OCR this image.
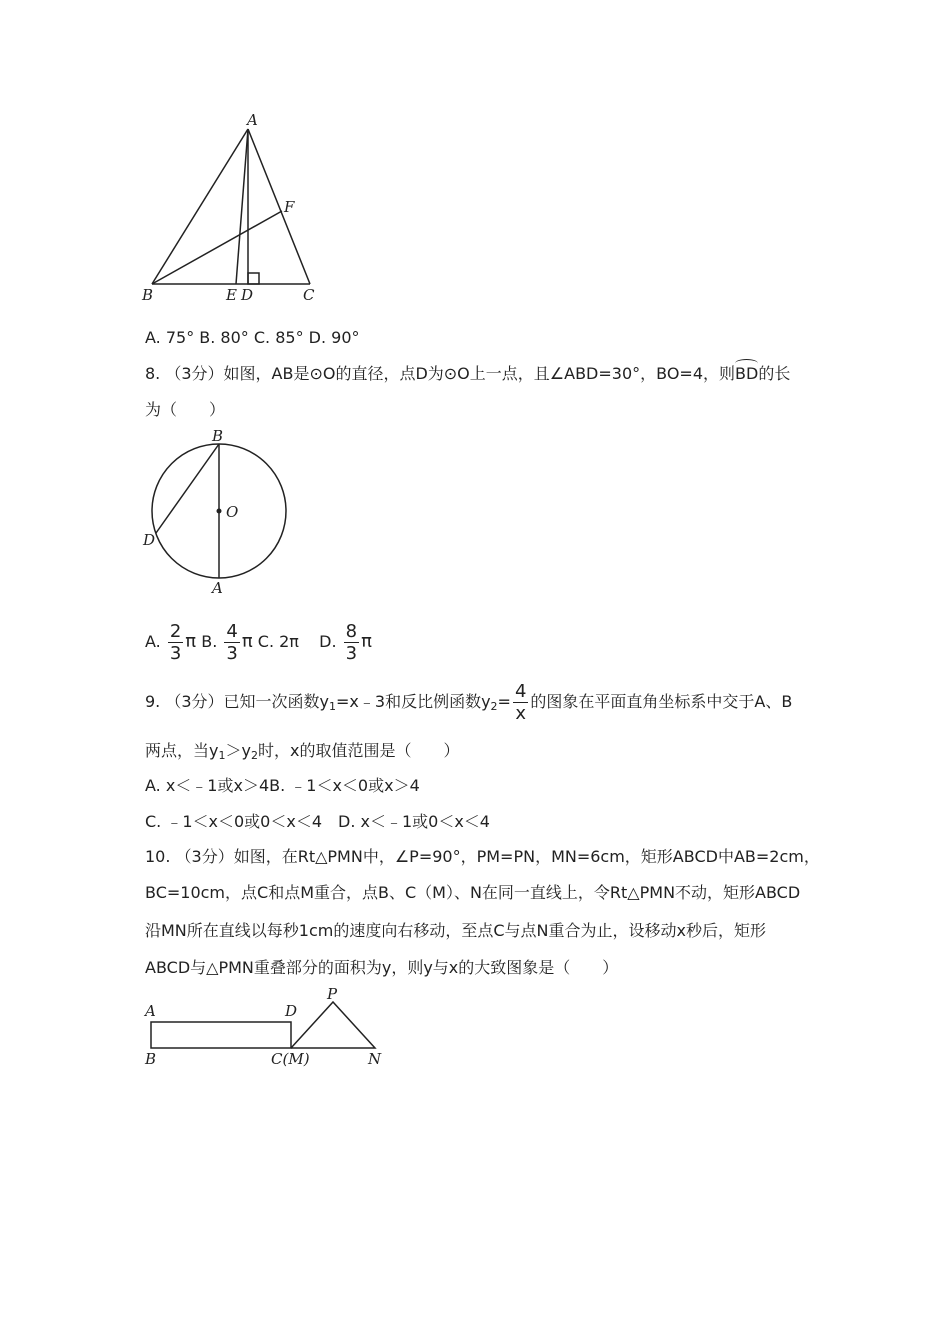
A
B	E D	C
F
A. 75° B. 80° C. 85° D. 90°
8. （3分）如图，AB是⊙O的直径，点D为⊙O上一点，且∠ABD=30°，BO=4，则BD的长
为（　　）
B
O
D
A
A. $\frac{2}{3}$ π B. $\frac{4}{3}$ π C. 2π D. $\frac{8}{3}$ π
9. （3分）已知一次函数$y_1=x﹣3$和反比例函数$y_2= \frac{4}{x}$ 的图象在平面直角坐标系中交于A、B
两点，当$y_1>y_2$时，x的取值范围是（　　）
A. x＜﹣1或x＞4B. ﹣1＜x＜0或x＞4
C. ﹣1＜x＜0或0＜x＜4　D. x＜﹣1或0＜x＜4
10. （3分）如图，在Rt△PMN中，∠P=90°，PM=PN，MN=6cm，矩形ABCD中AB=2cm，
BC=10cm，点C和点M重合，点B、C（M）、N在同一直线上，令Rt△PMN不动，矩形ABCD
沿MN所在直线以每秒1cm的速度向右移动，至点C与点N重合为止，设移动x秒后，矩形
ABCD与△PMN重叠部分的面积为y，则y与x的大致图象是（　　）
A	D
P
B	C(M)	N
